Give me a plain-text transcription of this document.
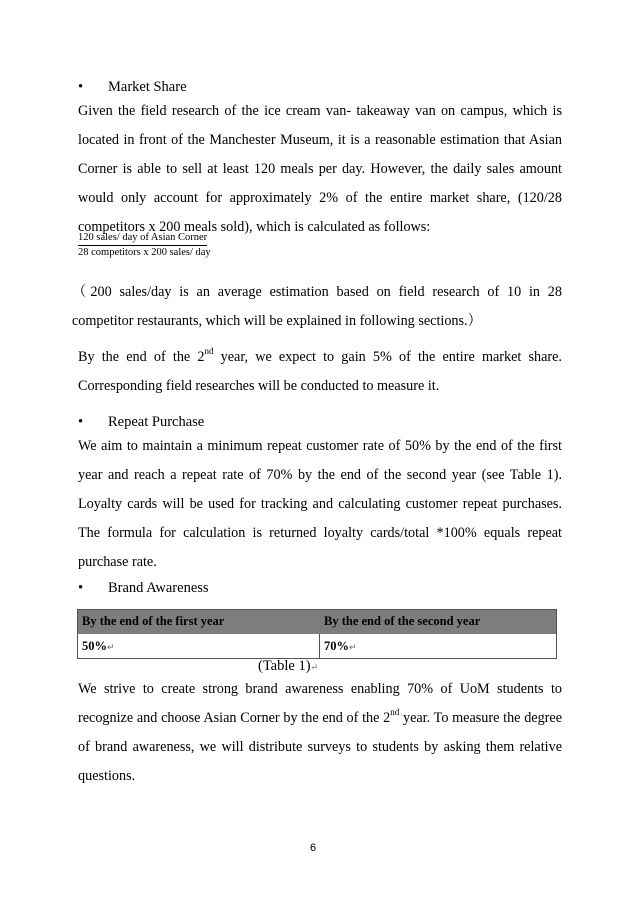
• Market Share

Given the field research of the ice cream van- takeaway van on campus, which is located in front of the Manchester Museum, it is a reasonable estimation that Asian Corner is able to sell at least 120 meals per day. However, the daily sales amount would only account for approximately 2% of the entire market share, (120/28 competitors x 200 meals sold), which is calculated as follows:

120 sales/ day of Asian Corner
28 competitors x 200 sales/ day

（200 sales/day is an average estimation based on field research of 10 in 28 competitor restaurants, which will be explained in following sections.）

By the end of the 2nd year, we expect to gain 5% of the entire market share. Corresponding field researches will be conducted to measure it.

• Repeat Purchase

We aim to maintain a minimum repeat customer rate of 50% by the end of the first year and reach a repeat rate of 70% by the end of the second year (see Table 1). Loyalty cards will be used for tracking and calculating customer repeat purchases. The formula for calculation is returned loyalty cards/total *100% equals repeat purchase rate.

• Brand Awareness
By the end of the first year	By the end of the second year
50%↵	70%↵
(Table 1)↵

We strive to create strong brand awareness enabling 70% of UoM students to recognize and choose Asian Corner by the end of the 2nd year. To measure the degree of brand awareness, we will distribute surveys to students by asking them relative questions.

6
